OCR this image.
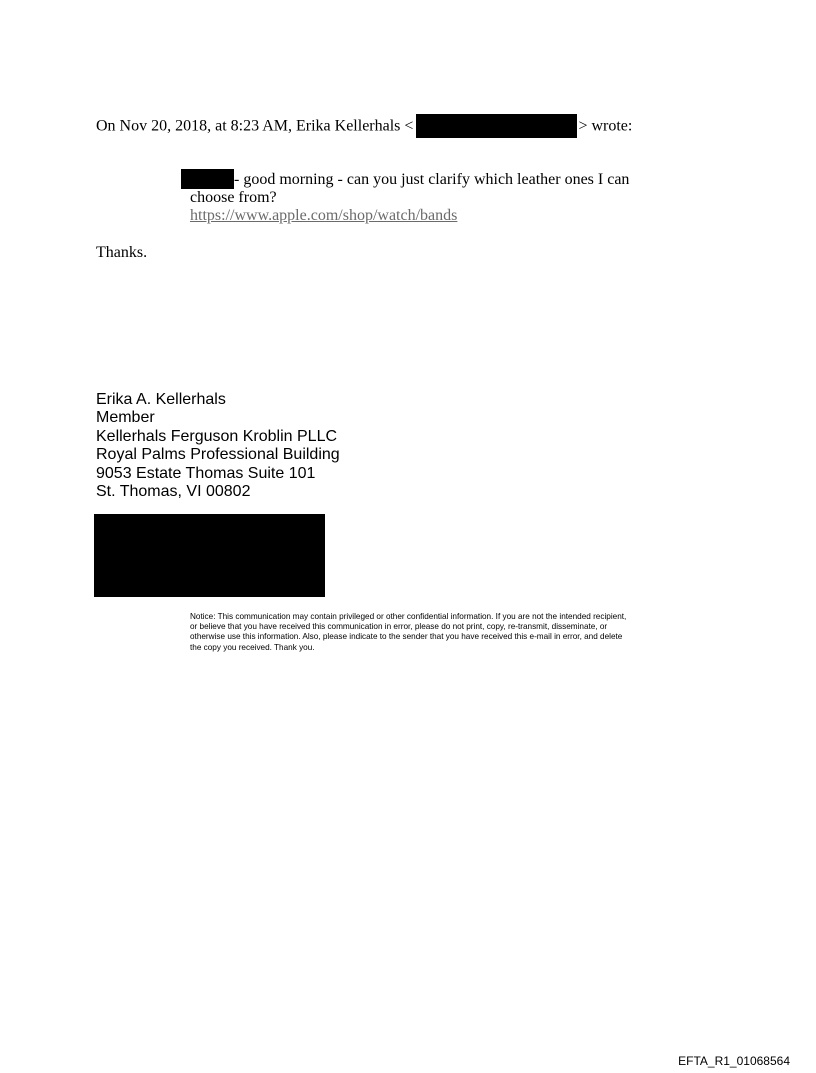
On Nov 20, 2018, at 8:23 AM, Erika Kellerhals <	> wrote:
- good morning - can you just clarify which leather ones I can
choose from?
https://www.apple.com/shop/watch/bands
Thanks.
Erika A. Kellerhals
Member
Kellerhals Ferguson Kroblin PLLC
Royal Palms Professional Building
9053 Estate Thomas Suite 101
St. Thomas, VI 00802
Notice: This communication may contain privileged or other confidential information. If you are not the intended recipient, or believe that you have received this communication in error, please do not print, copy, re-transmit, disseminate, or otherwise use this information. Also, please indicate to the sender that you have received this e-mail in error, and delete the copy you received. Thank you.
EFTA_R1_01068564
